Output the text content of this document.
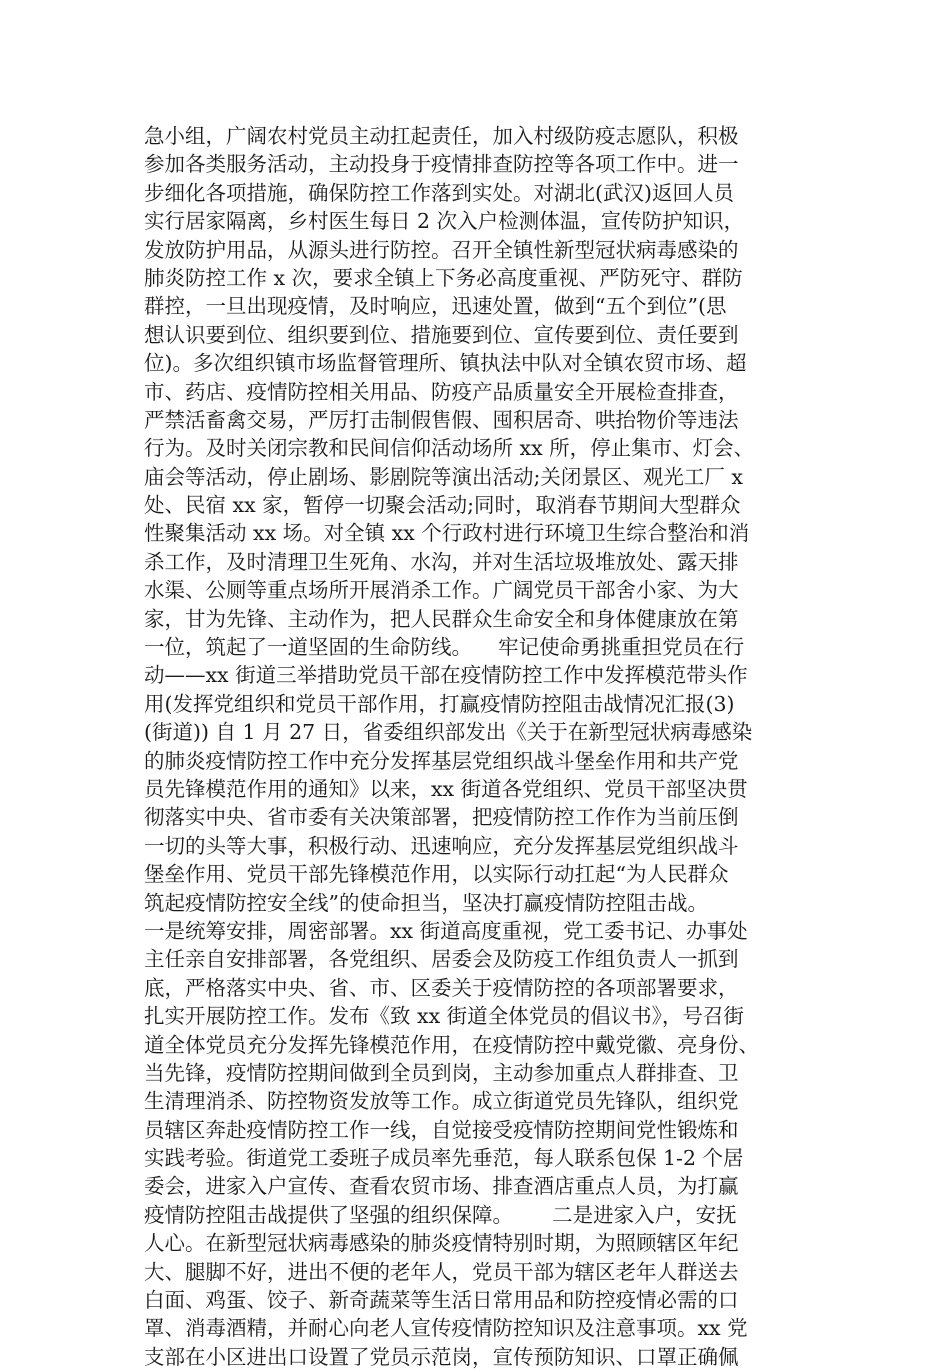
急小组，广阔农村党员主动扛起责任，加入村级防疫志愿队，积极
参加各类服务活动，主动投身于疫情排查防控等各项工作中。进一
步细化各项措施，确保防控工作落到实处。对湖北(武汉)返回人员
实行居家隔离，乡村医生每日 2 次入户检测体温，宣传防护知识，
发放防护用品，从源头进行防控。召开全镇性新型冠状病毒感染的
肺炎防控工作 x 次，要求全镇上下务必高度重视、严防死守、群防
群控，一旦出现疫情，及时响应，迅速处置，做到“五个到位”(思
想认识要到位、组织要到位、措施要到位、宣传要到位、责任要到
位)。多次组织镇市场监督管理所、镇执法中队对全镇农贸市场、超
市、药店、疫情防控相关用品、防疫产品质量安全开展检查排查，
严禁活畜禽交易，严厉打击制假售假、囤积居奇、哄抬物价等违法
行为。及时关闭宗教和民间信仰活动场所 xx 所，停止集市、灯会、
庙会等活动，停止剧场、影剧院等演出活动;关闭景区、观光工厂 x
处、民宿 xx 家，暂停一切聚会活动;同时，取消春节期间大型群众
性聚集活动 xx 场。对全镇 xx 个行政村进行环境卫生综合整治和消
杀工作，及时清理卫生死角、水沟，并对生活垃圾堆放处、露天排
水渠、公厕等重点场所开展消杀工作。广阔党员干部舍小家、为大
家，甘为先锋、主动作为，把人民群众生命安全和身体健康放在第
一位，筑起了一道坚固的生命防线。    牢记使命勇挑重担党员在行
动——xx 街道三举措助党员干部在疫情防控工作中发挥模范带头作
用(发挥党组织和党员干部作用，打赢疫情防控阻击战情况汇报(3)
(街道)) 自 1 月 27 日，省委组织部发出《关于在新型冠状病毒感染
的肺炎疫情防控工作中充分发挥基层党组织战斗堡垒作用和共产党
员先锋模范作用的通知》以来，xx 街道各党组织、党员干部坚决贯
彻落实中央、省市委有关决策部署，把疫情防控工作作为当前压倒
一切的头等大事，积极行动、迅速响应，充分发挥基层党组织战斗
堡垒作用、党员干部先锋模范作用，以实际行动扛起“为人民群众
筑起疫情防控安全线”的使命担当，坚决打赢疫情防控阻击战。
一是统筹安排，周密部署。xx 街道高度重视，党工委书记、办事处
主任亲自安排部署，各党组织、居委会及防疫工作组负责人一抓到
底，严格落实中央、省、市、区委关于疫情防控的各项部署要求，
扎实开展防控工作。发布《致 xx 街道全体党员的倡议书》，号召街
道全体党员充分发挥先锋模范作用，在疫情防控中戴党徽、亮身份、
当先锋，疫情防控期间做到全员到岗，主动参加重点人群排查、卫
生清理消杀、防控物资发放等工作。成立街道党员先锋队，组织党
员辖区奔赴疫情防控工作一线，自觉接受疫情防控期间党性锻炼和
实践考验。街道党工委班子成员率先垂范，每人联系包保 1-2 个居
委会，进家入户宣传、查看农贸市场、排查酒店重点人员，为打赢
疫情防控阻击战提供了坚强的组织保障。      二是进家入户，安抚
人心。在新型冠状病毒感染的肺炎疫情特别时期，为照顾辖区年纪
大、腿脚不好，进出不便的老年人，党员干部为辖区老年人群送去
白面、鸡蛋、饺子、新奇蔬菜等生活日常用品和防控疫情必需的口
罩、消毒酒精，并耐心向老人宣传疫情防控知识及注意事项。xx 党
支部在小区进出口设置了党员示范岗，宣传预防知识、口罩正确佩
